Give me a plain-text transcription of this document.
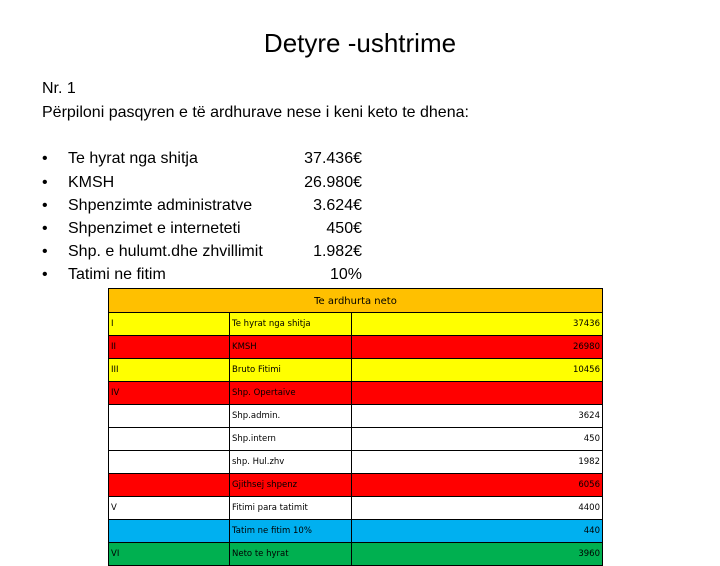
Detyre -ushtrime
Nr. 1
Përpiloni pasqyren e të ardhurave nese i keni keto te dhena:
• Te hyrat nga shitja	37.436€
• KMSH	26.980€
• Shpenzimte administratve	3.624€
• Shpenzimet e interneteti	450€
• Shp. e hulumt.dhe zhvillimit	1.982€
• Tatimi ne fitim	10%
Te ardhurta neto		
I	Te hyrat nga shitja	37436
II	KMSH	26980
III	Bruto Fitimi	10456
IV	Shp. Opertaive	
	Shp.admin.	3624
	Shp.intern	450
	shp. Hul.zhv	1982
	Gjithsej shpenz	6056
V	Fitimi para tatimit	4400
	Tatim ne fitim 10%	440
VI	Neto te hyrat	3960
